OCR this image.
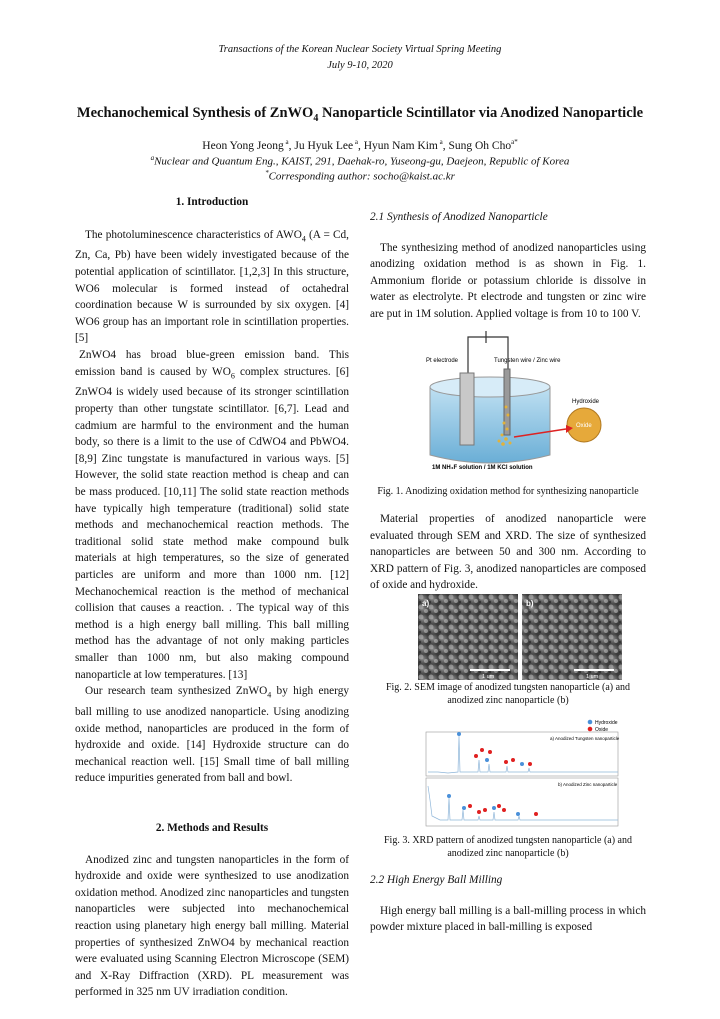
Transactions of the Korean Nuclear Society Virtual Spring Meeting
July 9-10, 2020
Mechanochemical Synthesis of ZnWO$_4$ Nanoparticle Scintillator via Anodized Nanoparticle
Heon Yong Jeong $^a$, Ju Hyuk Lee $^a$, Hyun Nam Kim $^a$, Sung Oh Cho$^{a*}$
$^a$Nuclear and Quantum Eng., KAIST, 291, Daehak-ro, Yuseong-gu, Daejeon, Republic of Korea
*Corresponding author: socho@kaist.ac.kr
1. Introduction

The photoluminescence characteristics of $AWO_4$ (A = Cd, Zn, Ca, Pb) have been widely investigated because of the potential application of scintillator. [1,2,3] In this structure, WO6 molecular is formed instead of octahedral coordination because W is surrounded by six oxygen. [4] WO6 group has an important role in scintillation properties. [5]

ZnWO4 has broad blue-green emission band. This emission band is caused by $WO_6$ complex structures. [6] ZnWO4 is widely used because of its stronger scintillation property than other tungstate scintillator. [6,7]. Lead and cadmium are harmful to the environment and the human body, so there is a limit to the use of CdWO4 and PbWO4. [8,9] Zinc tungstate is manufactured in various ways. [5] However, the solid state reaction method is cheap and can be mass produced. [10,11] The solid state reaction methods have typically high temperature (traditional) solid state methods and mechanochemical reaction methods. The traditional solid state method make compound bulk materials at high temperatures, so the size of generated particles are uniform and more than 1000 nm. [12] Mechanochemical reaction is the method of mechanical collision that causes a reaction. . The typical way of this method is a high energy ball milling. This ball milling method has the advantage of not only making particles smaller than 1000 nm, but also making compound nanoparticle at low temperatures. [13]

Our research team synthesized ZnWO$_4$ by high energy ball milling to use anodized nanoparticle. Using anodizing oxide method, nanoparticles are produced in the form of hydroxide and oxide. [14] Hydroxide structure can do mechanical reaction well. [15] Small time of ball milling reduce impurities generated from ball and bowl.

2. Methods and Results

Anodized zinc and tungsten nanoparticles in the form of hydroxide and oxide were synthesized to use anodization oxidation method. Anodized zinc nanoparticles and tungsten nanoparticles were subjected into mechanochemical reaction using planetary high energy ball milling. Material properties of synthesized ZnWO4 by mechanical reaction were evaluated using Scanning Electron Microscope (SEM) and X-Ray Diffraction (XRD). PL measurement was performed in 325 nm UV irradiation condition.

2.1 Synthesis of Anodized Nanoparticle

The synthesizing method of anodized nanoparticles using anodizing oxidation method is as shown in Fig. 1. Ammonium floride or potassium chloride is dissolve in water as electrolyte. Pt electrode and tungsten or zinc wire are put in 1M solution. Applied voltage is from 10 to 100 V.

Pt electrode	Tungsten wire / Zinc wire
Hydroxide
Oxide
1M NH₄F solution / 1M KCl solution
Fig. 1. Anodizing oxidation method for synthesizing nanoparticle

Material properties of anodized nanoparticle were evaluated through SEM and XRD. The size of synthesized nanoparticles are between 50 and 300 nm. According to XRD pattern of Fig. 3, anodized nanoparticles are composed of oxide and hydroxide.

a)	b)
1 um	1 um
Fig. 2. SEM image of anodized tungsten nanoparticle (a) and anodized zinc nanoparticle (b)
Hydroxide
Oxide
a) Anodized Tungsten nanoparticle
b) Anodized Zinc nanoparticle
Fig. 3. XRD pattern of anodized tungsten nanoparticle (a) and anodized zinc nanoparticle (b)
2.2 High Energy Ball Milling

High energy ball milling is a ball-milling process in which powder mixture placed in ball-milling is exposed
